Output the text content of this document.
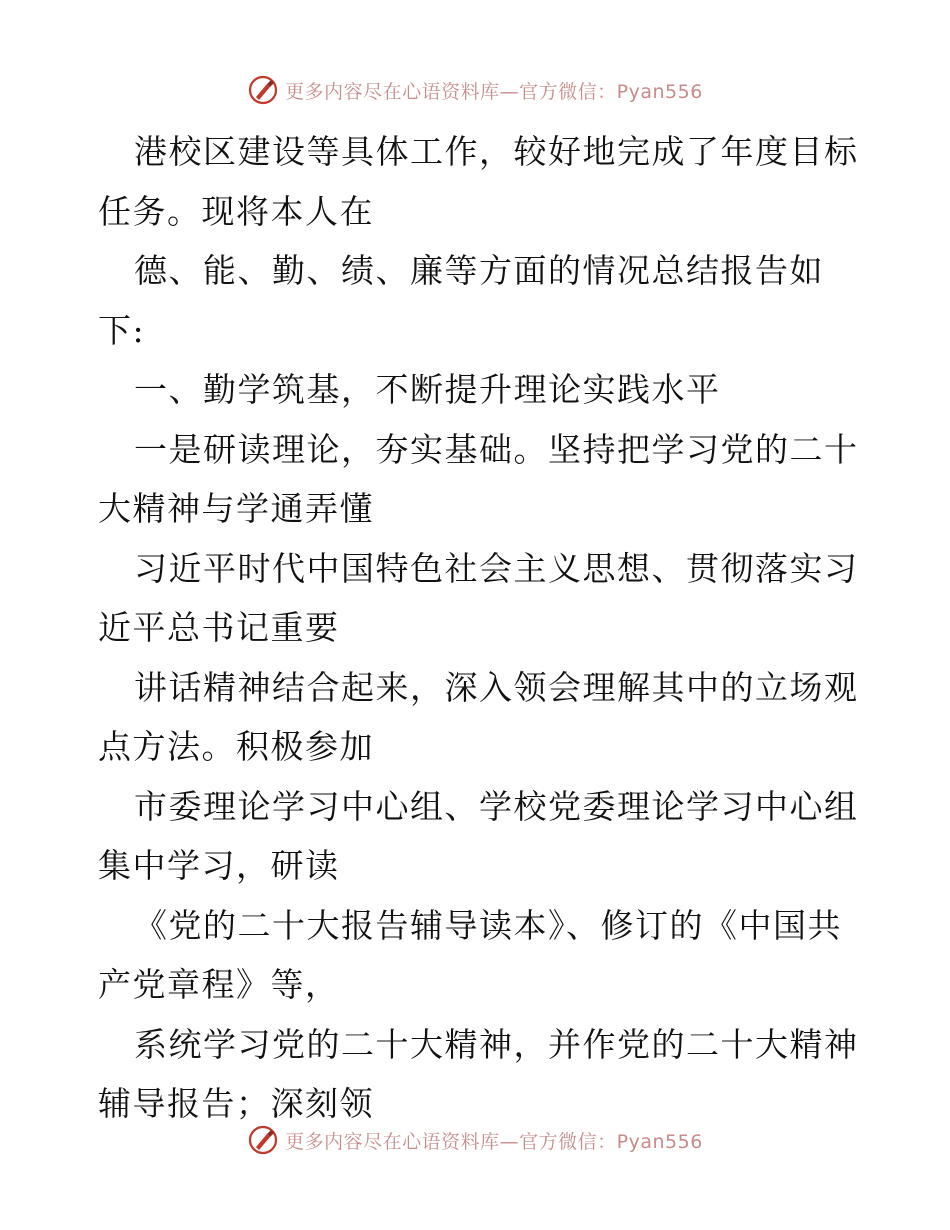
更多内容尽在心语资料库—官方微信：Pyan556
港校区建设等具体工作，较好地完成了年度目标
任务。现将本人在
德、能、勤、绩、廉等方面的情况总结报告如
下:
一、勤学筑基，不断提升理论实践水平
一是研读理论，夯实基础。坚持把学习党的二十
大精神与学通弄懂
习近平时代中国特色社会主义思想、贯彻落实习
近平总书记重要
讲话精神结合起来，深入领会理解其中的立场观
点方法。积极参加
市委理论学习中心组、学校党委理论学习中心组
集中学习，研读
《党的二十大报告辅导读本》、修订的《中国共
产党章程》等，
系统学习党的二十大精神，并作党的二十大精神
辅导报告；深刻领
更多内容尽在心语资料库—官方微信：Pyan556
